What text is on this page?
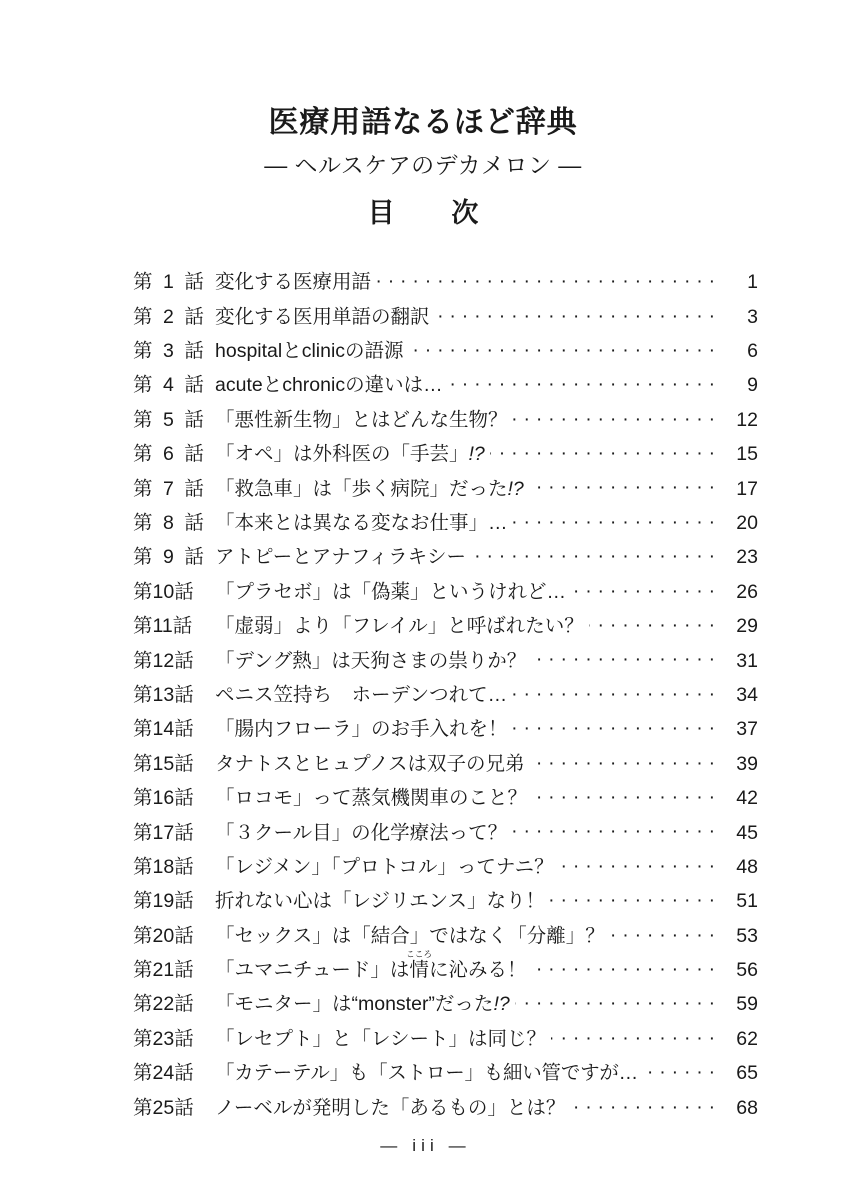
医療用語なるほど辞典
― ヘルスケアのデカメロン ―
目　次
第 1 話 変化する医療用語 ·····	1
第 2 話 変化する医用単語の翻訳 ·····	3
第 3 話 hospitalとclinicの語源 ·····	6
第 4 話 acuteとchronicの違いは… ·····	9
第 5 話 「悪性新生物」とはどんな生物？ ·····	12
第 6 話 「オペ」は外科医の「手芸」!? ·····	15
第 7 話 「救急車」は「歩く病院」だった!? ·····	17
第 8 話 「本来とは異なる変なお仕事」… ·····	20
第 9 話 アトピーとアナフィラキシー ·····	23
第10話	「プラセボ」は「偽薬」というけれど… ·····	26
第11話	「虚弱」より「フレイル」と呼ばれたい？ ·····	29
第12話	「デング熱」は天狗さまの祟りか？ ·····	31
第13話	ペニス笠持ち　ホーデンつれて… ·····	34
第14話	「腸内フローラ」のお手入れを！ ·····	37
第15話	タナトスとヒュプノスは双子の兄弟 ·····	39
第16話	「ロコモ」って蒸気機関車のこと？ ·····	42
第17話	「３クール目」の化学療法って？ ·····	45
第18話	「レジメン」「プロトコル」ってナニ？ ·····	48
第19話	折れない心は「レジリエンス」なり！ ·····	51
第20話	「セックス」は「結合」ではなく「分離」？ ·····	53
第21話	「ユマニチュード」は情こころに沁みる！ ·····	56
第22話	「モニター」は“monster”だった!? ·····	59
第23話	「レセプト」と「レシート」は同じ？ ·····	62
第24話	「カテーテル」も「ストロー」も細い管ですが… ·····	65
第25話	ノーベルが発明した「あるもの」とは？ ·····	68
— iii —
